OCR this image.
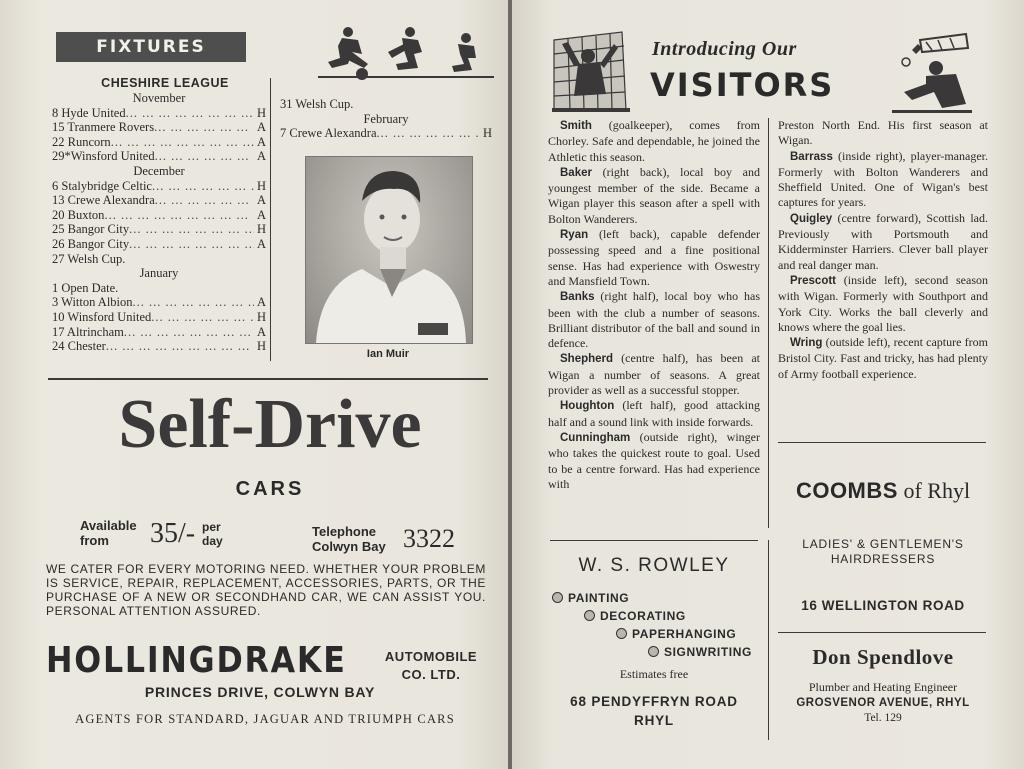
FIXTURES
CHESHIRE LEAGUE
November
8 Hyde United ... .	H
15 Tranmere Rovers ... .	A
22 Runcorn ... .	A
29*Winsford United ... .	A
December
6 Stalybridge Celtic ... .	H
13 Crewe Alexandra ... .	A
20 Buxton ... .	A
25 Bangor City ... .	H
26 Bangor City ... .	A
27 Welsh Cup.
January
1 Open Date.
3 Witton Albion ... .	A
10 Winsford United ... .	H
17 Altrincham ... .	A
24 Chester ... .	H
31 Welsh Cup.
February
7 Crewe Alexandra ... .	H
Ian Muir
Self-Drive
CARS
Available
from	35/- per
day
Telephone
Colwyn Bay 3322
WE CATER FOR EVERY MOTORING NEED. WHETHER YOUR PROBLEM IS SERVICE, REPAIR, REPLACEMENT, ACCESSORIES, PARTS, OR THE PURCHASE OF A NEW OR SECONDHAND CAR, WE CAN ASSIST YOU. PERSONAL ATTENTION ASSURED.
HOLLINGDRAKE	AUTOMOBILE
CO. LTD.
PRINCES DRIVE, COLWYN BAY
AGENTS FOR STANDARD, JAGUAR AND TRIUMPH CARS
Introducing Our
VISITORS

Smith (goalkeeper), comes from Chorley. Safe and dependable, he joined the Athletic this season.

Baker (right back), local boy and youngest member of the side. Became a Wigan player this season after a spell with Bolton Wanderers.

Ryan (left back), capable defender possessing speed and a fine positional sense. Has had experience with Oswestry and Mansfield Town.

Banks (right half), local boy who has been with the club a number of seasons. Brilliant distributor of the ball and sound in defence.

Shepherd (centre half), has been at Wigan a number of seasons. A great provider as well as a successful stopper.

Houghton (left half), good attacking half and a sound link with inside forwards.

Cunningham (outside right), winger who takes the quickest route to goal. Used to be a centre forward. Has had experience with

Preston North End. His first season at Wigan.

Barrass (inside right), player-manager. Formerly with Bolton Wanderers and Sheffield United. One of Wigan's best captures for years.

Quigley (centre forward), Scottish lad. Previously with Portsmouth and Kidderminster Harriers. Clever ball player and real danger man.

Prescott (inside left), second season with Wigan. Formerly with Southport and York City. Works the ball cleverly and knows where the goal lies.

Wring (outside left), recent capture from Bristol City. Fast and tricky, has had plenty of Army football experience.

COOMBS of Rhyl
LADIES' & GENTLEMEN'S
HAIRDRESSERS
16 WELLINGTON ROAD
Don Spendlove
Plumber and Heating Engineer
GROSVENOR AVENUE, RHYL
Tel. 129
W. S. ROWLEY
PAINTING
DECORATING
PAPERHANGING
SIGNWRITING
Estimates free
68 PENDYFFRYN ROAD
RHYL
